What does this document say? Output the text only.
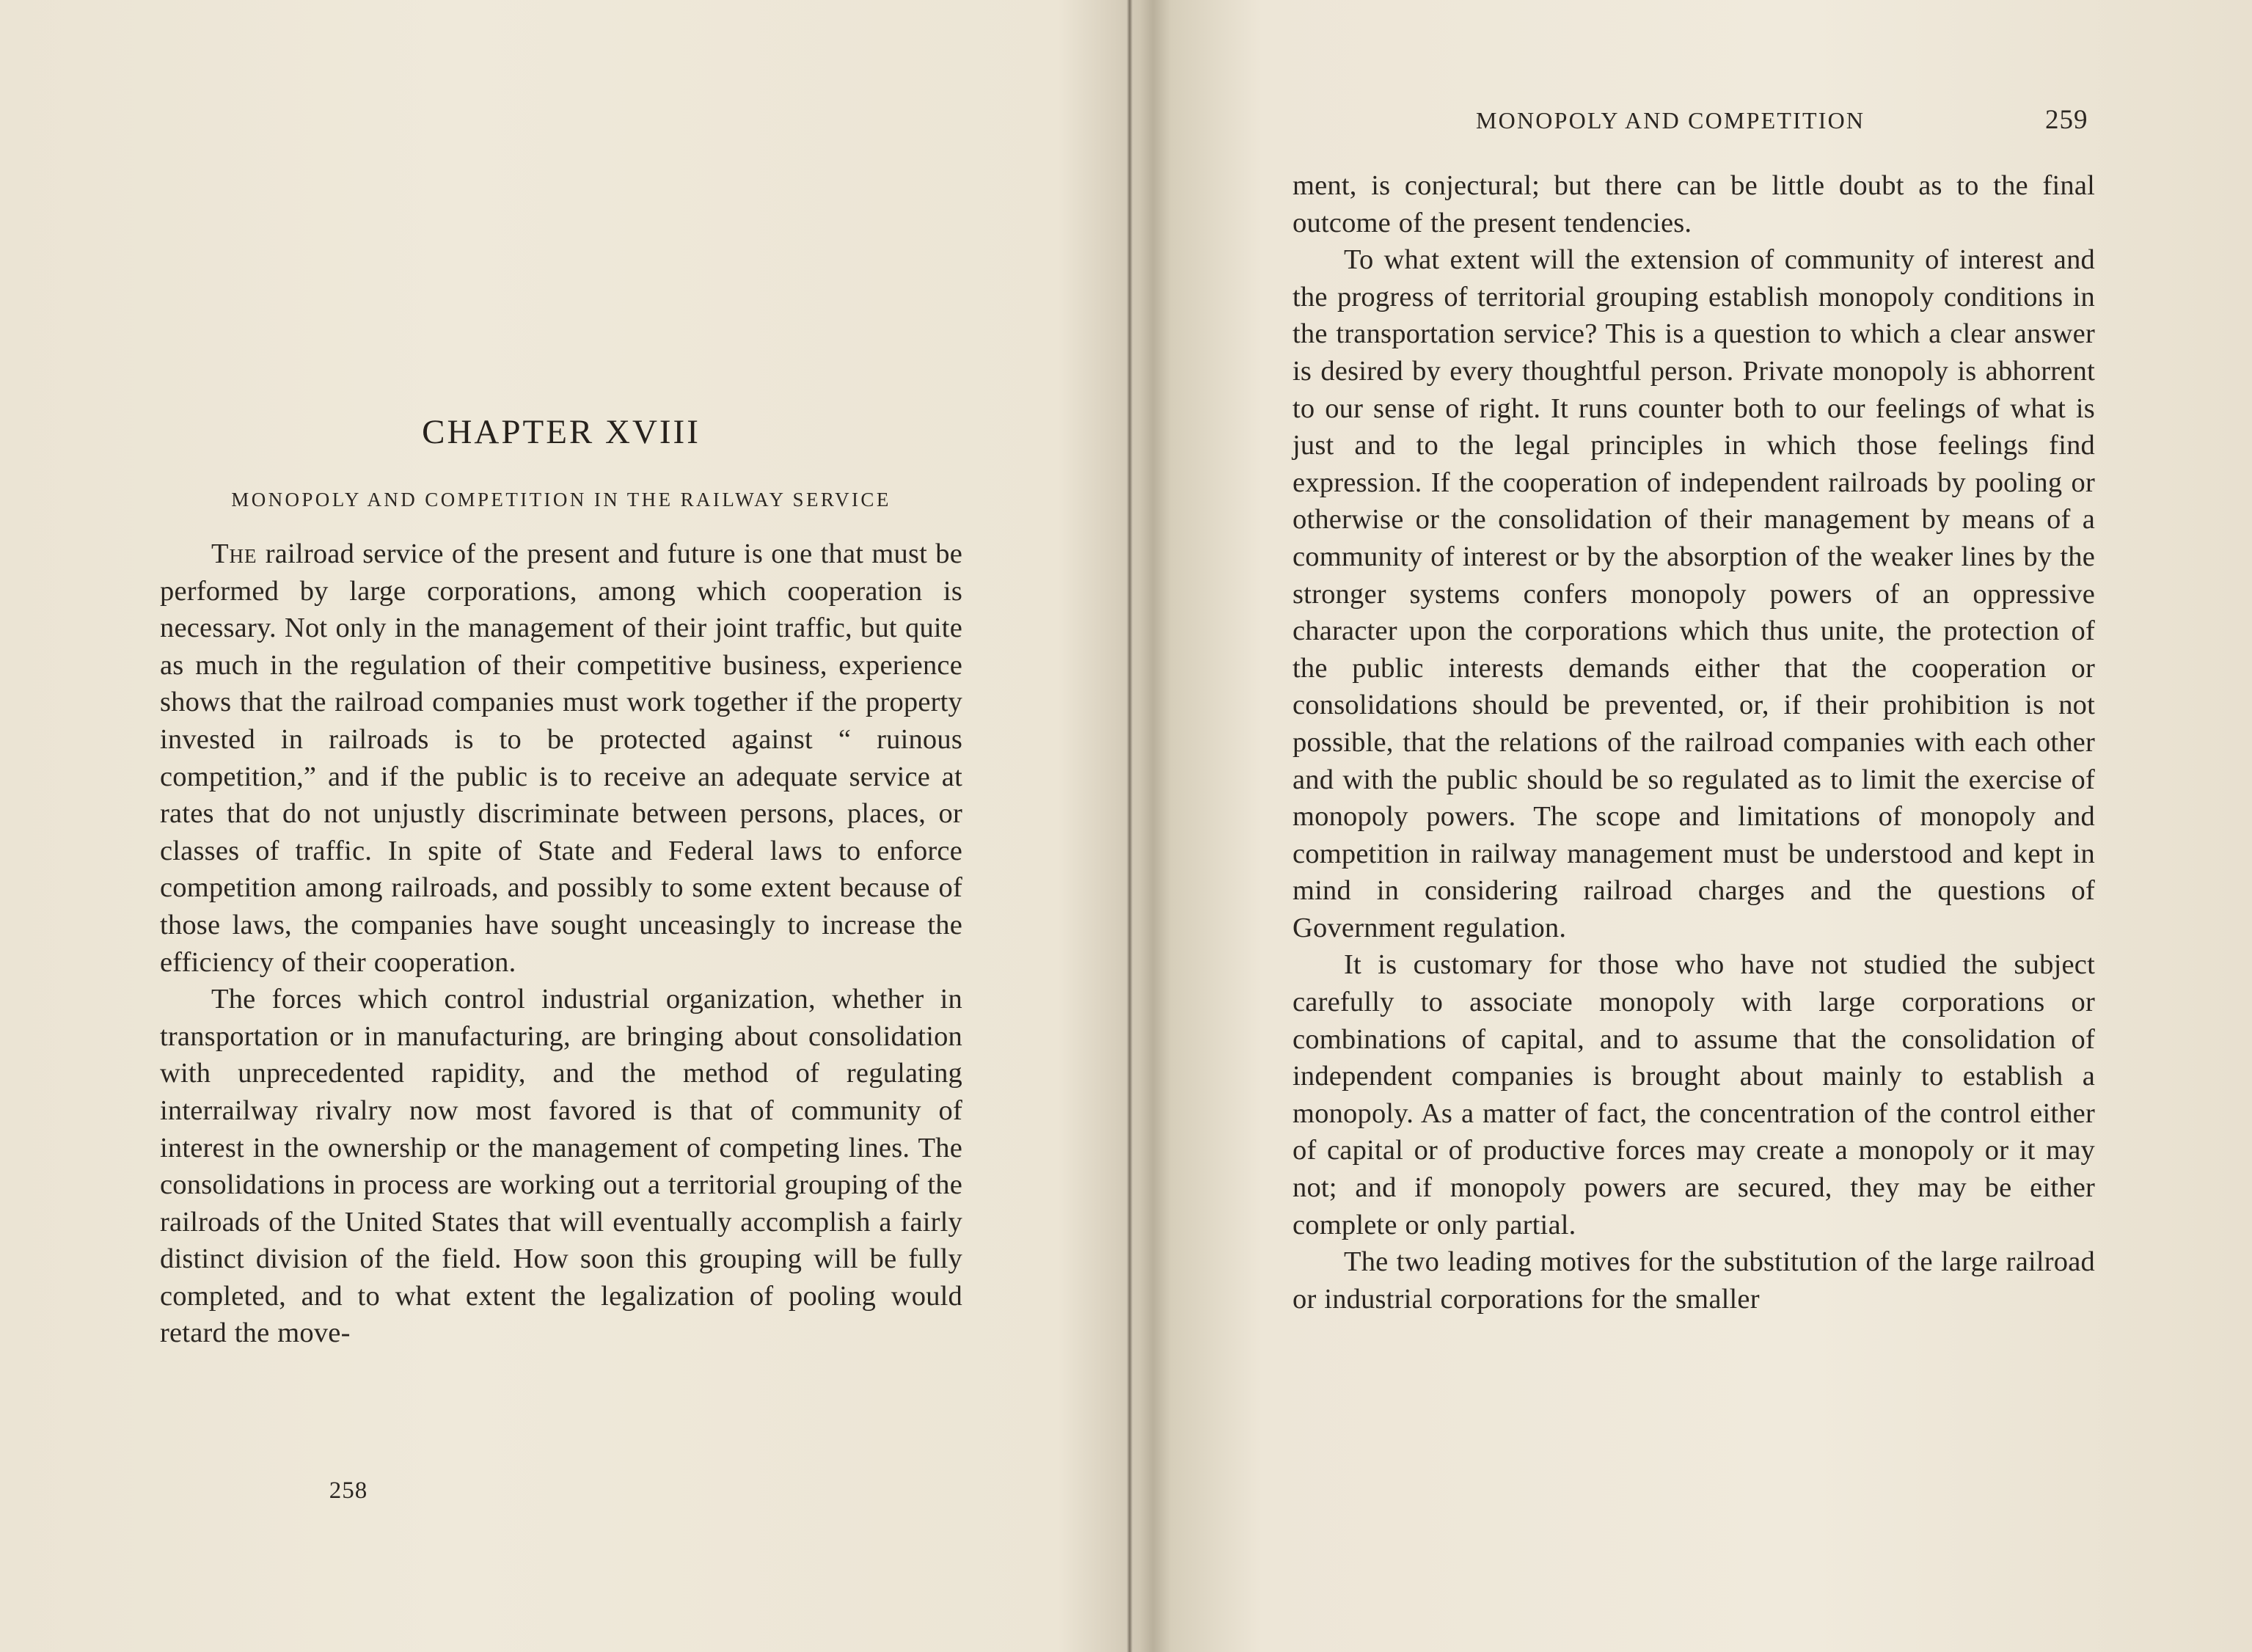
CHAPTER XVIII
MONOPOLY AND COMPETITION IN THE RAILWAY SERVICE

The railroad service of the present and future is one that must be performed by large corporations, among which cooperation is necessary. Not only in the management of their joint traffic, but quite as much in the regulation of their competitive business, experience shows that the railroad companies must work together if the property invested in railroads is to be protected against “ ruinous competition,” and if the public is to receive an adequate service at rates that do not unjustly discriminate between persons, places, or classes of traffic. In spite of State and Federal laws to enforce competition among railroads, and possibly to some extent because of those laws, the companies have sought unceasingly to increase the efficiency of their cooperation.

The forces which control industrial organization, whether in transportation or in manufacturing, are bringing about consolidation with unprecedented rapidity, and the method of regulating interrailway rivalry now most favored is that of community of interest in the ownership or the management of competing lines. The consolidations in process are working out a territorial grouping of the railroads of the United States that will eventually accomplish a fairly distinct division of the field. How soon this grouping will be fully completed, and to what extent the legalization of pooling would retard the move-

258
MONOPOLY AND COMPETITION	259

ment, is conjectural; but there can be little doubt as to the final outcome of the present tendencies.

To what extent will the extension of community of interest and the progress of territorial grouping establish monopoly conditions in the transportation service? This is a question to which a clear answer is desired by every thoughtful person. Private monopoly is abhorrent to our sense of right. It runs counter both to our feelings of what is just and to the legal principles in which those feelings find expression. If the cooperation of independent railroads by pooling or otherwise or the consolidation of their management by means of a community of interest or by the absorption of the weaker lines by the stronger systems confers monopoly powers of an oppressive character upon the corporations which thus unite, the protection of the public interests demands either that the cooperation or consolidations should be prevented, or, if their prohibition is not possible, that the relations of the railroad companies with each other and with the public should be so regulated as to limit the exercise of monopoly powers. The scope and limitations of monopoly and competition in railway management must be understood and kept in mind in considering railroad charges and the questions of Government regulation.

It is customary for those who have not studied the subject carefully to associate monopoly with large corporations or combinations of capital, and to assume that the consolidation of independent companies is brought about mainly to establish a monopoly. As a matter of fact, the concentration of the control either of capital or of productive forces may create a monopoly or it may not; and if monopoly powers are secured, they may be either complete or only partial.

The two leading motives for the substitution of the large railroad or industrial corporations for the smaller
